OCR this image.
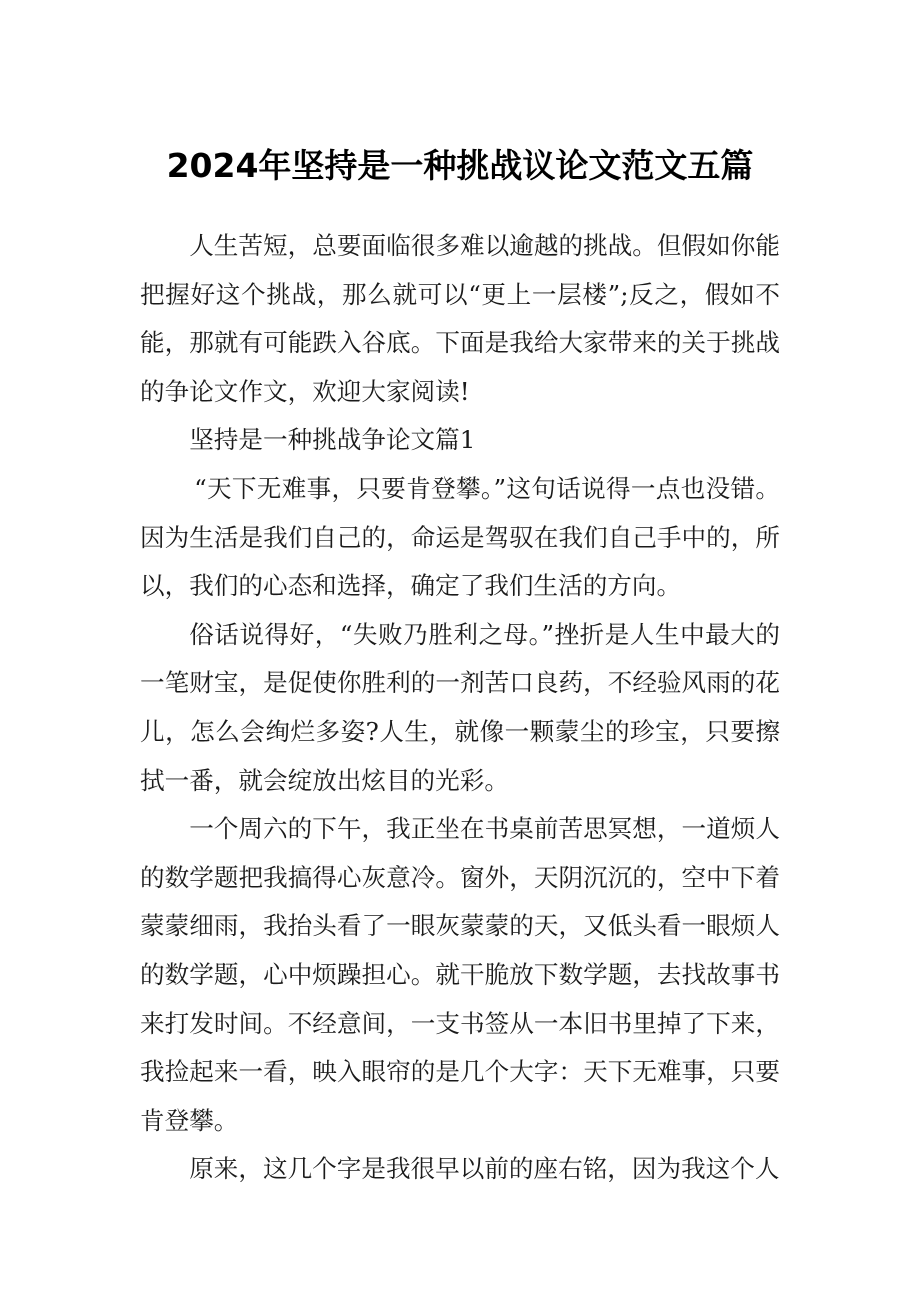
2024年坚持是一种挑战议论文范文五篇

人生苦短，总要面临很多难以逾越的挑战。但假如你能把握好这个挑战，那么就可以“更上一层楼”;反之，假如不能，那就有可能跌入谷底。下面是我给大家带来的关于挑战的争论文作文，欢迎大家阅读!

坚持是一种挑战争论文篇1

“天下无难事，只要肯登攀。”这句话说得一点也没错。因为生活是我们自己的，命运是驾驭在我们自己手中的，所以，我们的心态和选择，确定了我们生活的方向。

俗话说得好，“失败乃胜利之母。”挫折是人生中最大的一笔财宝，是促使你胜利的一剂苦口良药，不经验风雨的花儿，怎么会绚烂多姿?人生，就像一颗蒙尘的珍宝，只要擦拭一番，就会绽放出炫目的光彩。

一个周六的下午，我正坐在书桌前苦思冥想，一道烦人的数学题把我搞得心灰意冷。窗外，天阴沉沉的，空中下着蒙蒙细雨，我抬头看了一眼灰蒙蒙的天，又低头看一眼烦人的数学题，心中烦躁担心。就干脆放下数学题，去找故事书来打发时间。不经意间，一支书签从一本旧书里掉了下来，我捡起来一看，映入眼帘的是几个大字：天下无难事，只要肯登攀。

原来，这几个字是我很早以前的座右铭，因为我这个人
